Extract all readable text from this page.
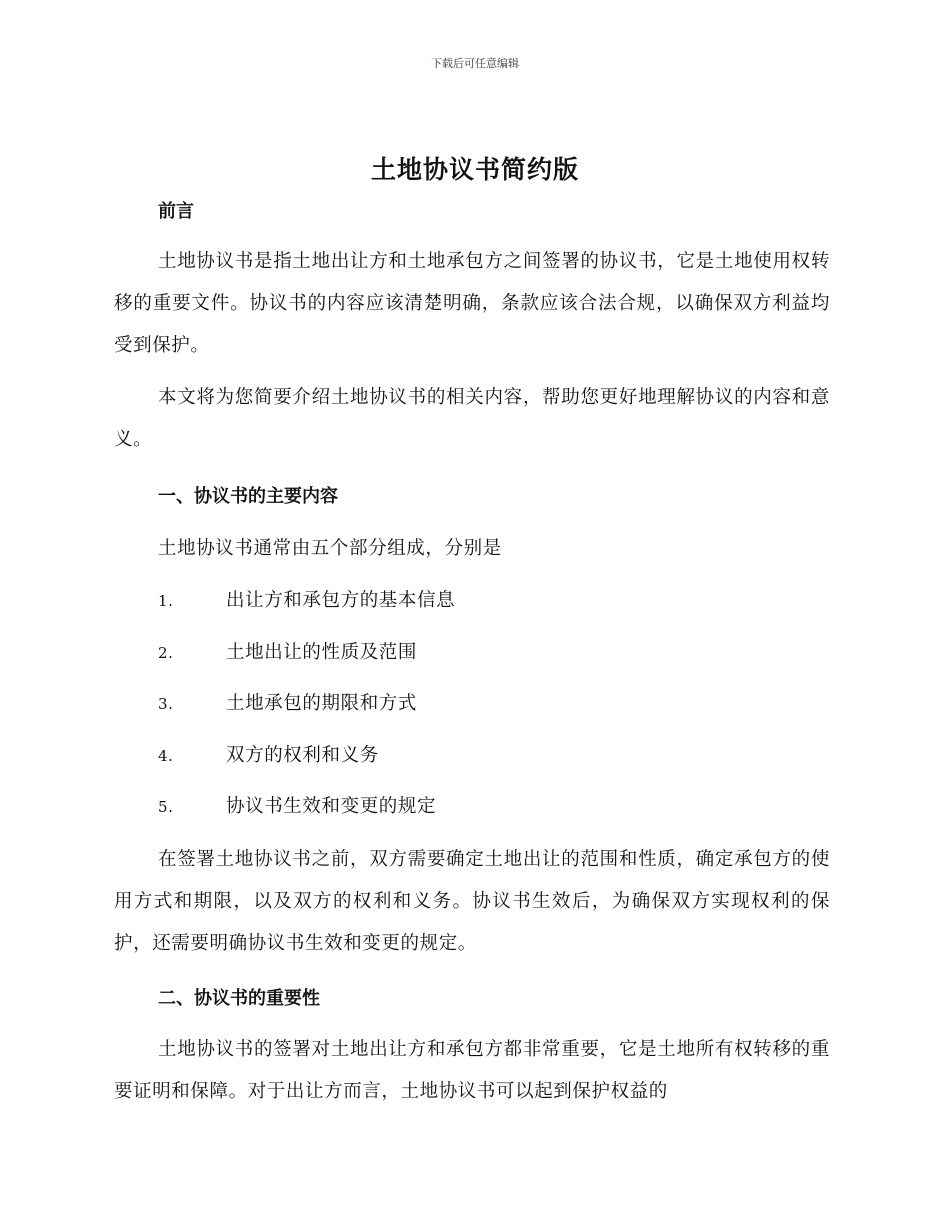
下载后可任意编辑
土地协议书简约版
前言

土地协议书是指土地出让方和土地承包方之间签署的协议书，它是土地使用权转移的重要文件。协议书的内容应该清楚明确，条款应该合法合规，以确保双方利益均受到保护。

本文将为您简要介绍土地协议书的相关内容，帮助您更好地理解协议的内容和意义。

一、协议书的主要内容

土地协议书通常由五个部分组成，分别是

1.	出让方和承包方的基本信息
2.	土地出让的性质及范围
3.	土地承包的期限和方式
4.	双方的权利和义务
5.	协议书生效和变更的规定

在签署土地协议书之前，双方需要确定土地出让的范围和性质，确定承包方的使用方式和期限，以及双方的权利和义务。协议书生效后，为确保双方实现权利的保护，还需要明确协议书生效和变更的规定。

二、协议书的重要性

土地协议书的签署对土地出让方和承包方都非常重要，它是土地所有权转移的重要证明和保障。对于出让方而言，土地协议书可以起到保护权益的
